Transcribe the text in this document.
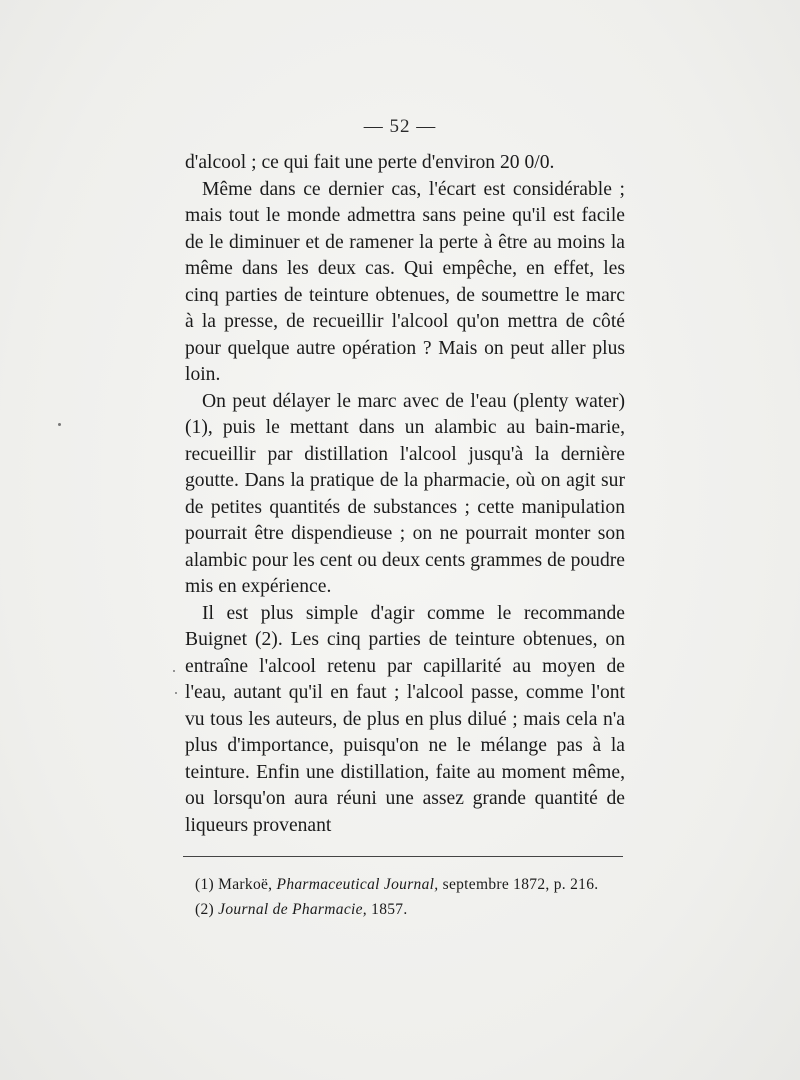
— 52 —

d'alcool ; ce qui fait une perte d'environ 20 0/0.

Même dans ce dernier cas, l'écart est considérable ; mais tout le monde admettra sans peine qu'il est facile de le diminuer et de ramener la perte à être au moins la même dans les deux cas. Qui empêche, en effet, les cinq parties de teinture obtenues, de soumettre le marc à la presse, de recueillir l'alcool qu'on mettra de côté pour quelque autre opération ? Mais on peut aller plus loin.

On peut délayer le marc avec de l'eau (plenty water) (1), puis le mettant dans un alambic au bain-marie, recueillir par distillation l'alcool jusqu'à la dernière goutte. Dans la pratique de la pharmacie, où on agit sur de petites quantités de substances ; cette manipulation pourrait être dispendieuse ; on ne pourrait monter son alambic pour les cent ou deux cents grammes de poudre mis en expérience.

Il est plus simple d'agir comme le recommande Buignet (2). Les cinq parties de teinture obtenues, on entraîne l'alcool retenu par capillarité au moyen de l'eau, autant qu'il en faut ; l'alcool passe, comme l'ont vu tous les auteurs, de plus en plus dilué ; mais cela n'a plus d'importance, puisqu'on ne le mélange pas à la teinture. Enfin une distillation, faite au moment même, ou lorsqu'on aura réuni une assez grande quantité de liqueurs provenant

(1) Markoë, Pharmaceutical Journal, septembre 1872, p. 216.
(2) Journal de Pharmacie, 1857.
